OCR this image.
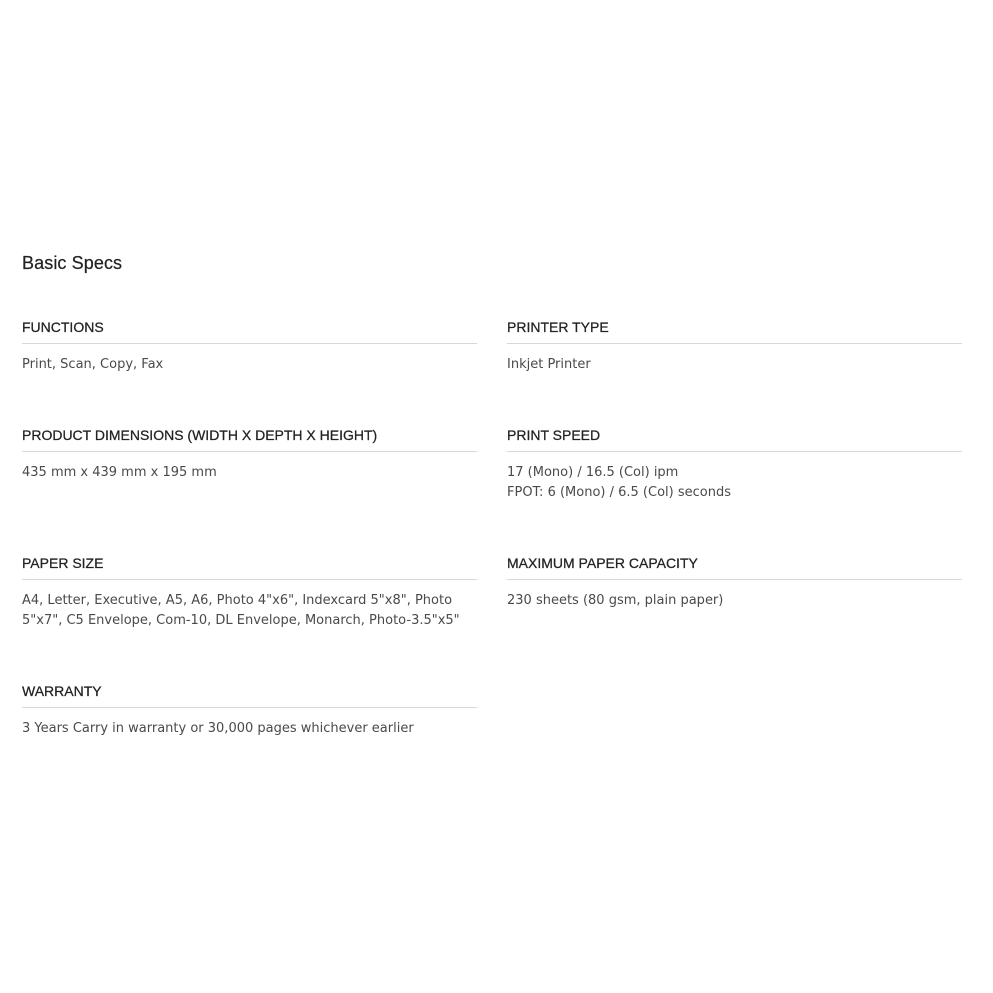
Basic Specs
FUNCTIONS

Print, Scan, Copy, Fax

PRINTER TYPE

Inkjet Printer

PRODUCT DIMENSIONS (WIDTH X DEPTH X HEIGHT)

435 mm x 439 mm x 195 mm

PRINT SPEED

17 (Mono) / 16.5 (Col) ipm
FPOT: 6 (Mono) / 6.5 (Col) seconds

PAPER SIZE

A4, Letter, Executive, A5, A6, Photo 4"x6", Indexcard 5"x8", Photo
5"x7", C5 Envelope, Com-10, DL Envelope, Monarch, Photo-3.5"x5"

MAXIMUM PAPER CAPACITY

230 sheets (80 gsm, plain paper)

WARRANTY

3 Years Carry in warranty or 30,000 pages whichever earlier
